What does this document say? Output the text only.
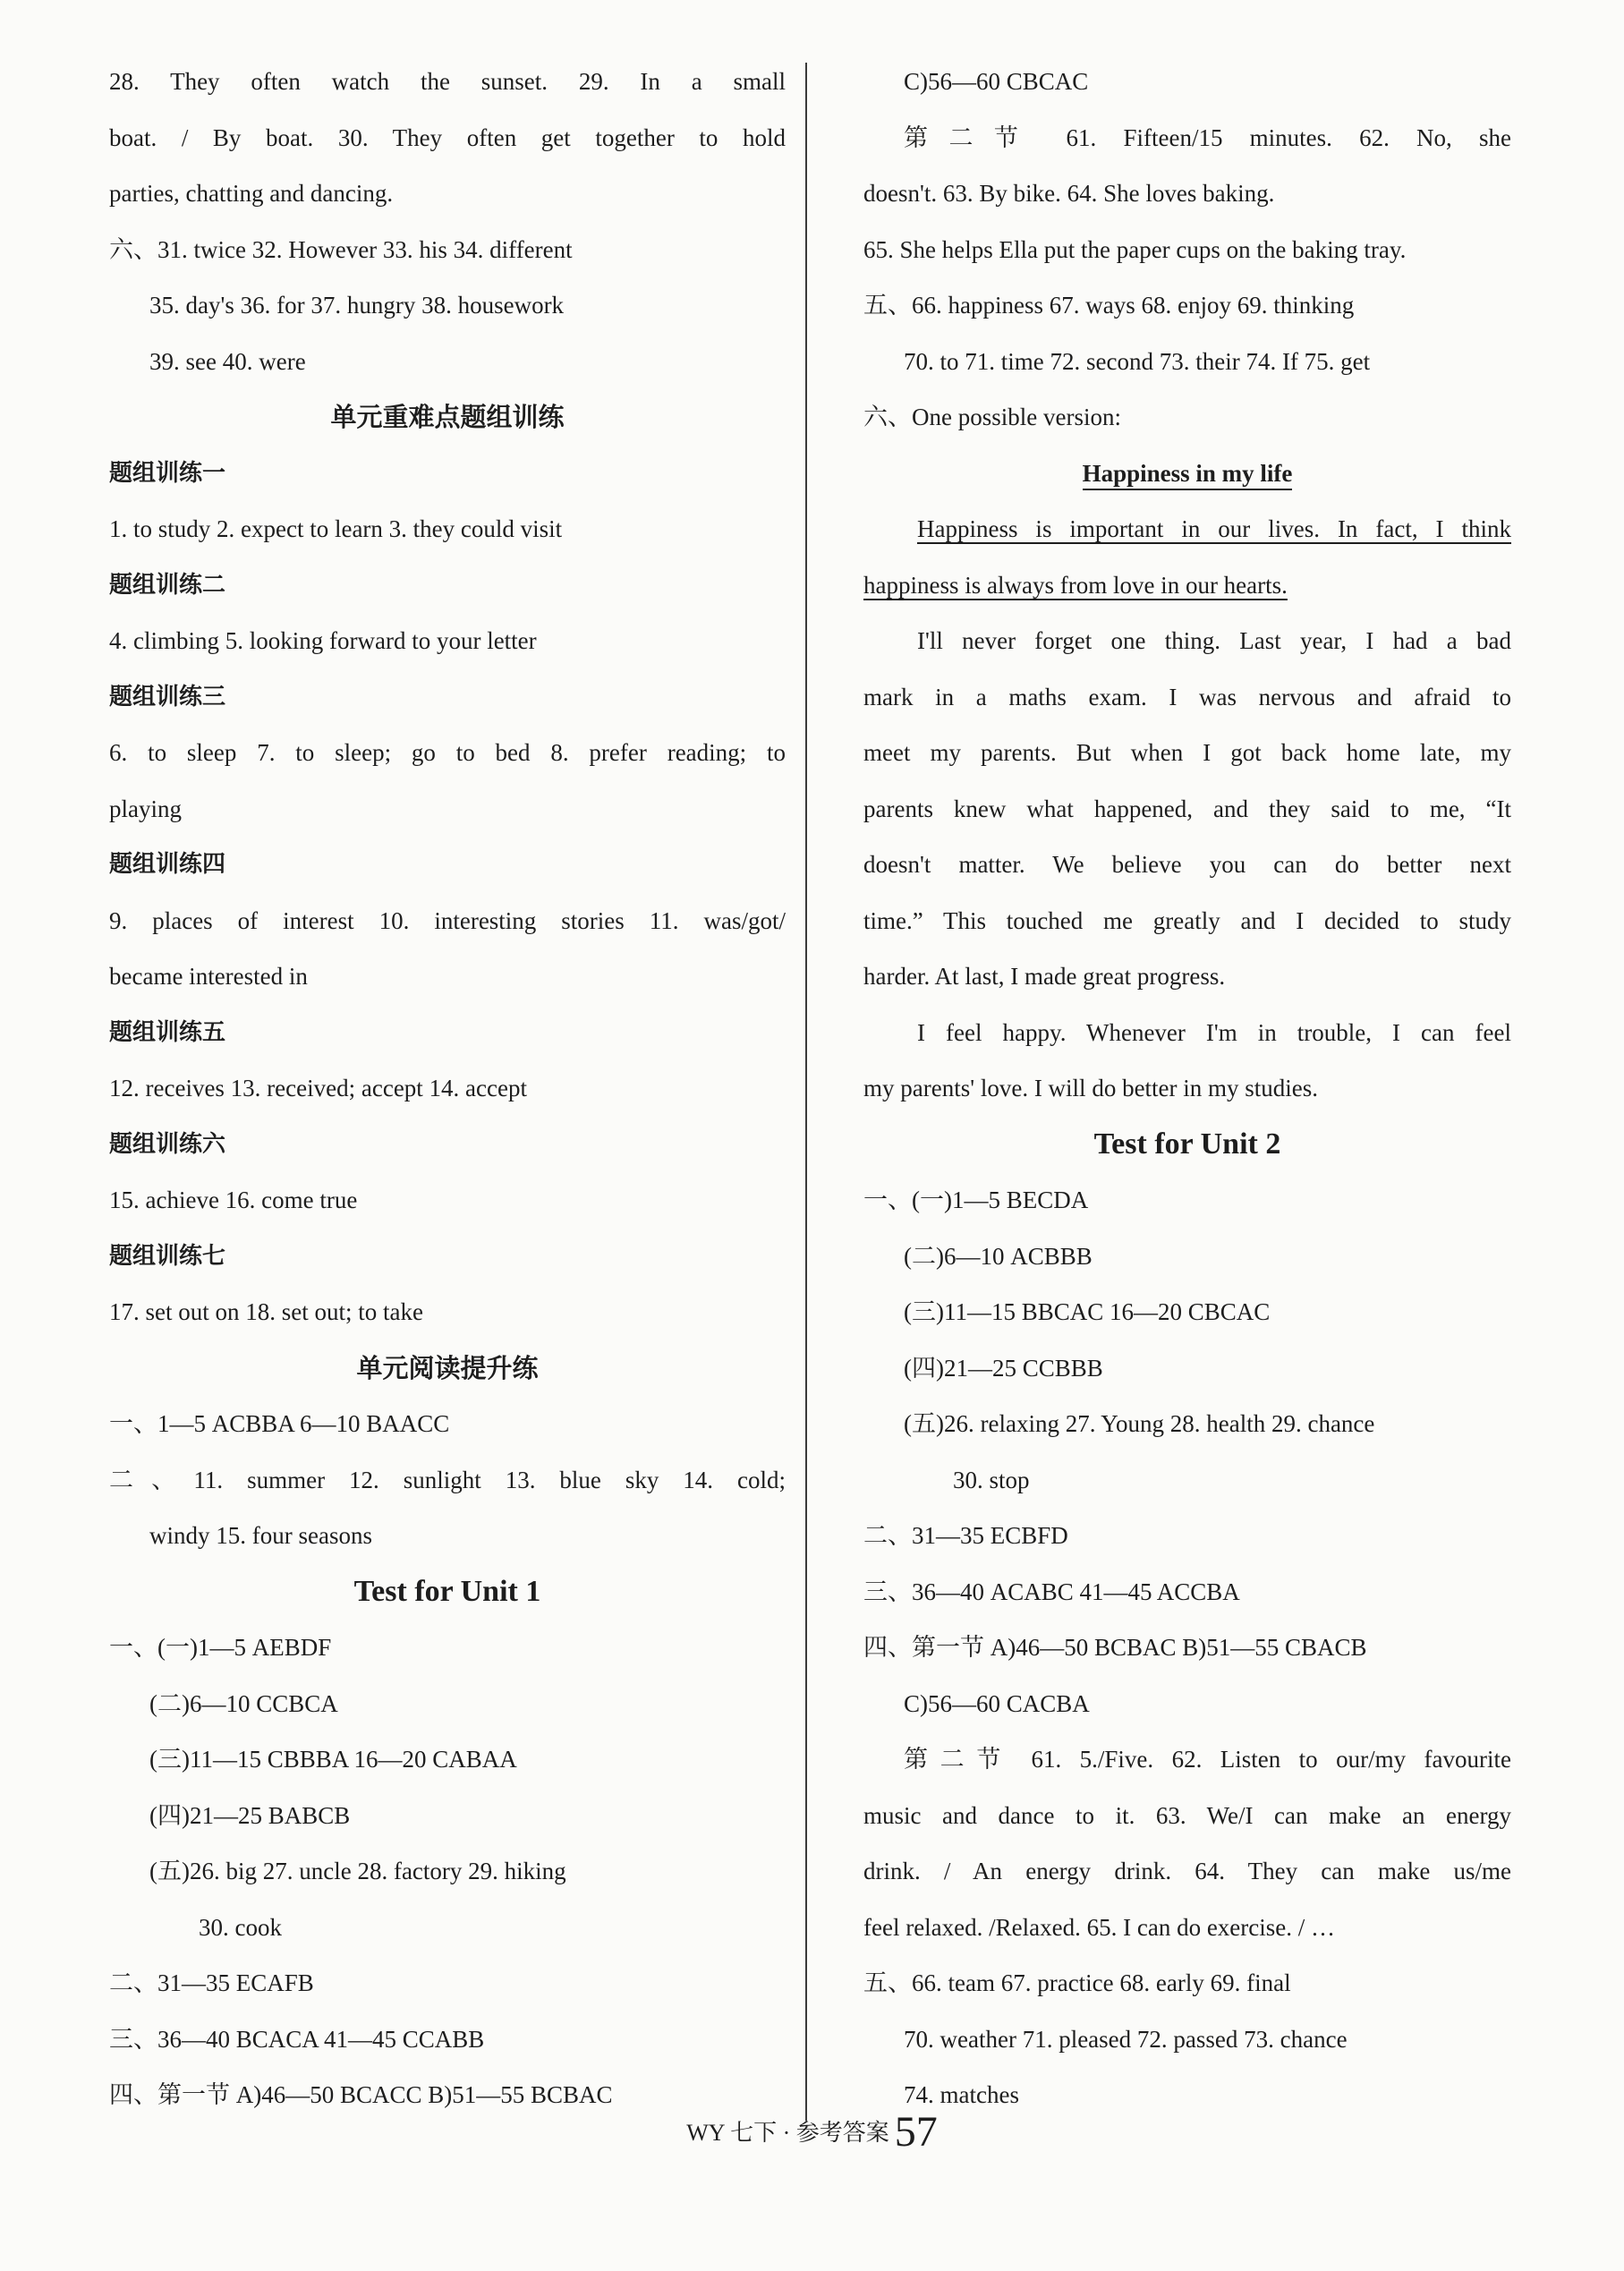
28. They often watch the sunset. 29. In a small
boat. / By boat. 30. They often get together to hold
parties, chatting and dancing.
六、31. twice 32. However 33. his 34. different
35. day's 36. for 37. hungry 38. housework
39. see 40. were
单元重难点题组训练
题组训练一
1. to study 2. expect to learn 3. they could visit
题组训练二
4. climbing 5. looking forward to your letter
题组训练三
6. to sleep 7. to sleep; go to bed 8. prefer reading; to
playing
题组训练四
9. places of interest 10. interesting stories 11. was/got/
became interested in
题组训练五
12. receives 13. received; accept 14. accept
题组训练六
15. achieve 16. come true
题组训练七
17. set out on 18. set out; to take
单元阅读提升练
一、1—5 ACBBA 6—10 BAACC
二、11. summer 12. sunlight 13. blue sky 14. cold;
windy 15. four seasons
Test for Unit 1
一、(一)1—5 AEBDF
(二)6—10 CCBCA
(三)11—15 CBBBA 16—20 CABAA
(四)21—25 BABCB
(五)26. big 27. uncle 28. factory 29. hiking
30. cook
二、31—35 ECAFB
三、36—40 BCACA 41—45 CCABB
四、第一节 A)46—50 BCACC B)51—55 BCBAC
C)56—60 CBCAC
第二节 61. Fifteen/15 minutes. 62. No, she
doesn't. 63. By bike. 64. She loves baking.
65. She helps Ella put the paper cups on the baking tray.
五、66. happiness 67. ways 68. enjoy 69. thinking
70. to 71. time 72. second 73. their 74. If 75. get
六、One possible version:
Happiness in my life
Happiness is important in our lives. In fact, I think
happiness is always from love in our hearts.
I'll never forget one thing. Last year, I had a bad
mark in a maths exam. I was nervous and afraid to
meet my parents. But when I got back home late, my
parents knew what happened, and they said to me, “It
doesn't matter. We believe you can do better next
time.” This touched me greatly and I decided to study
harder. At last, I made great progress.
I feel happy. Whenever I'm in trouble, I can feel
my parents' love. I will do better in my studies.
Test for Unit 2
一、(一)1—5 BECDA
(二)6—10 ACBBB
(三)11—15 BBCAC 16—20 CBCAC
(四)21—25 CCBBB
(五)26. relaxing 27. Young 28. health 29. chance
30. stop
二、31—35 ECBFD
三、36—40 ACABC 41—45 ACCBA
四、第一节 A)46—50 BCBAC B)51—55 CBACB
C)56—60 CACBA
第二节 61. 5./Five. 62. Listen to our/my favourite
music and dance to it. 63. We/I can make an energy
drink. / An energy drink. 64. They can make us/me
feel relaxed. /Relaxed. 65. I can do exercise. / …
五、66. team 67. practice 68. early 69. final
70. weather 71. pleased 72. passed 73. chance
74. matches
WY 七下 · 参考答案 57
